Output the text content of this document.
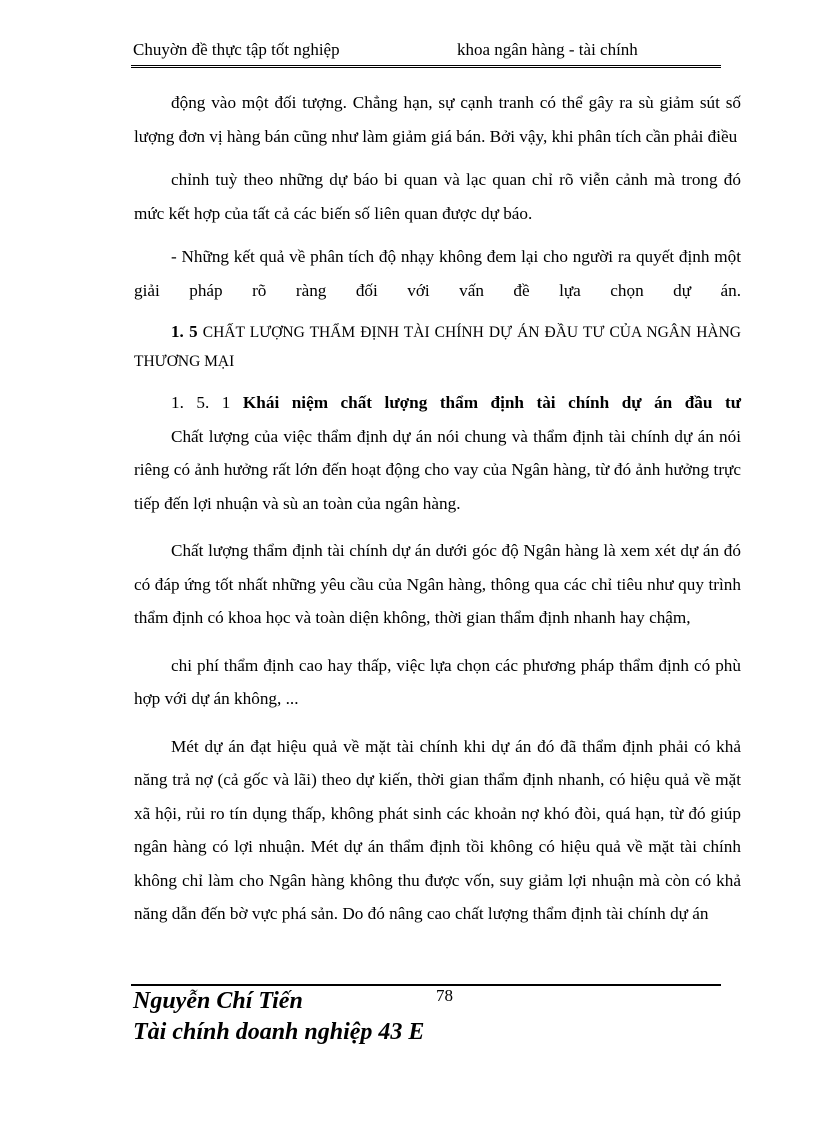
Chuyờn đề thực tập tốt nghiệp	khoa ngân hàng - tài chính

động vào một đối tượng. Chẳng hạn, sự cạnh tranh có thể gây ra sù giảm sút số lượng đơn vị hàng bán cũng như làm giảm giá bán. Bởi vậy, khi phân tích cần phải điều

chỉnh tuỳ theo những dự báo bi quan và lạc quan chỉ rõ viễn cảnh mà trong đó mức kết hợp của tất cả các biến số liên quan được dự báo.

- Những kết quả về phân tích độ nhạy không đem lại cho người ra quyết định một giải pháp rõ ràng đối với vấn đề lựa chọn dự án.

1. 5 CHẤT LƯỢNG THẨM ĐỊNH TÀI CHÍNH DỰ ÁN ĐẦU TƯ CỦA NGÂN HÀNG THƯƠNG MẠI

1. 5. 1 Khái niệm chất lượng thẩm định tài chính dự án đầu tư

Chất lượng của việc thẩm định dự án nói chung và thẩm định tài chính dự án nói riêng có ảnh hưởng rất lớn đến hoạt động cho vay của Ngân hàng, từ đó ảnh hưởng trực tiếp đến lợi nhuận và sù an toàn của ngân hàng.

Chất lượng thẩm định tài chính dự án dưới góc độ Ngân hàng là xem xét dự án đó có đáp ứng tốt nhất những yêu cầu của Ngân hàng, thông qua các chỉ tiêu như quy trình thẩm định có khoa học và toàn diện không, thời gian thẩm định nhanh hay chậm,

chi phí thẩm định cao hay thấp, việc lựa chọn các phương pháp thẩm định có phù hợp với dự án không, ...

Mét dự án đạt hiệu quả về mặt tài chính khi dự án đó đã thẩm định phải có khả năng trả nợ (cả gốc và lãi) theo dự kiến, thời gian thẩm định nhanh, có hiệu quả về mặt xã hội, rủi ro tín dụng thấp, không phát sinh các khoản nợ khó đòi, quá hạn, từ đó giúp ngân hàng có lợi nhuận. Mét dự án thẩm định tồi không có hiệu quả về mặt tài chính không chỉ làm cho Ngân hàng không thu được vốn, suy giảm lợi nhuận mà còn có khả năng dẫn đến bờ vực phá sản. Do đó nâng cao chất lượng thẩm định tài chính dự án

78
Nguyễn Chí Tiến
Tài chính doanh nghiệp 43 E
